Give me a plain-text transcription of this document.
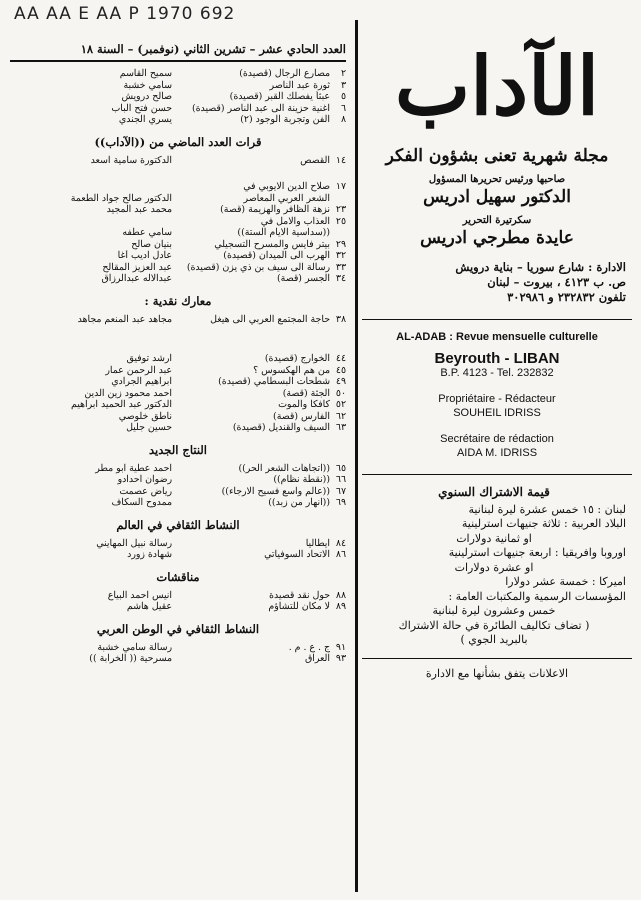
AA AA E AA P 1970 692
العدد الحادي عشر – تشرين الثاني (نوفمبر) – السنة ١٨
٢
مصارع الرجال (قصيدة)
سميح القاسم
٣
ثورة عبد الناصر
سامي خشبة
٥
عبثاً يفصلك القبر (قصيدة)
صالح درويش
٦
اغنية حزينة الى عبد الناصر (قصيدة)
حسن فتح الباب
٨
الفن وتجربة الوجود (٢)
يسري الجندي
قرات العدد الماضي من ((الآداب))
١٤
القصص
الدكتورة سامية اسعد
١٧
صلاح الدين الايوبي في
الشعر العربي المعاصر
الدكتور صالح جواد الطعمة
٢٣
نزهة الظافر والهزيمة (قصة)
محمد عبد المجيد
٢٥
العذاب والامل في
((سداسية الايام الستة))
سامي عطفه
٢٩
بيتر فايس والمسرح التسجيلي
بنيان صالح
٣٢
الهرب الى الميدان (قصيدة)
عادل اديب آغا
٣٣
رسالة الى سيف بن ذي يزن (قصيدة)
عبد العزيز المقالح
٣٤
الجسر (قصة)
عبدالاله عبدالرزاق
معارك نقدية :
٣٨
حاجة المجتمع العربي الى هيغل
مجاهد عبد المنعم مجاهد
٤٤
الخوارج (قصيدة)
ارشد توفيق
٤٥
من هم الهكسوس ؟
عبد الرحمن عمار
٤٩
شطحات البسطامي (قصيدة)
ابراهيم الجرادي
٥٠
الجثة (قصة)
احمد محمود زين الدين
٥٢
كافكا والموت
الدكتور عبد الحميد ابراهيم
٦٢
الفارس (قصة)
ناطق خلوصي
٦٣
السيف والقنديل (قصيدة)
حسين جليل
النتاج الجديد
٦٥
((اتجاهات الشعر الحر))
احمد عطية ابو مطر
٦٦
((نقطة نظام))
رضوان احدادو
٦٧
((عالم واسع فسيح الارجاء))
رياض عصمت
٦٩
((انهار من زبد))
ممدوح السكاف
النشاط الثقافي في العالم
٨٤
ايطاليا
رسالة نبيل المهايني
٨٦
الاتحاد السوفياتي
شهادة زورد
مناقشات
٨٨
حول نقد قصيدة
انيس احمد البياع
٨٩
لا مكان للتشاؤم
عقيل هاشم
النشاط الثقافي في الوطن العربي
٩١
ج . ع . م .
رسالة سامي خشبة
٩٣
العراق
مسرحية (( الخرابة ))
الآداب
مجلة شهرية تعنى بشؤون الفكر
صاحبها ورئيس تحريرها المسؤول
الدكتور سهيل ادريس
سكرتيرة التحرير
عايدة مطرجي ادريس
الادارة : شارع سوريا – بناية درويش
ص. ب ٤١٢٣ ، بيروت – لبنان
تلفون ٢٣٢٨٣٢ و ٣٠٢٩٨٦
AL-ADAB : Revue mensuelle culturelle
Beyrouth - LIBAN
B.P. 4123 - Tel. 232832
Propriétaire - Rédacteur
SOUHEIL IDRISS
Secrétaire de rédaction
AIDA M. IDRISS
قيمة الاشتراك السنوي
لبنان : ١٥ خمس عشرة ليرة لبنانية
البلاد العربية : ثلاثة جنيهات استرلينية
او ثمانية دولارات
اوروبا وافريقيا : اربعة جنيهات استرلينية
او عشرة دولارات
اميركا : خمسة عشر دولارا
المؤسسات الرسمية والمكتبات العامة :
خمس وعشرون ليرة لبنانية
( تضاف تكاليف الطائرة في حالة الاشتراك
بالبريد الجوي )
الاعلانات يتفق بشأنها مع الادارة
